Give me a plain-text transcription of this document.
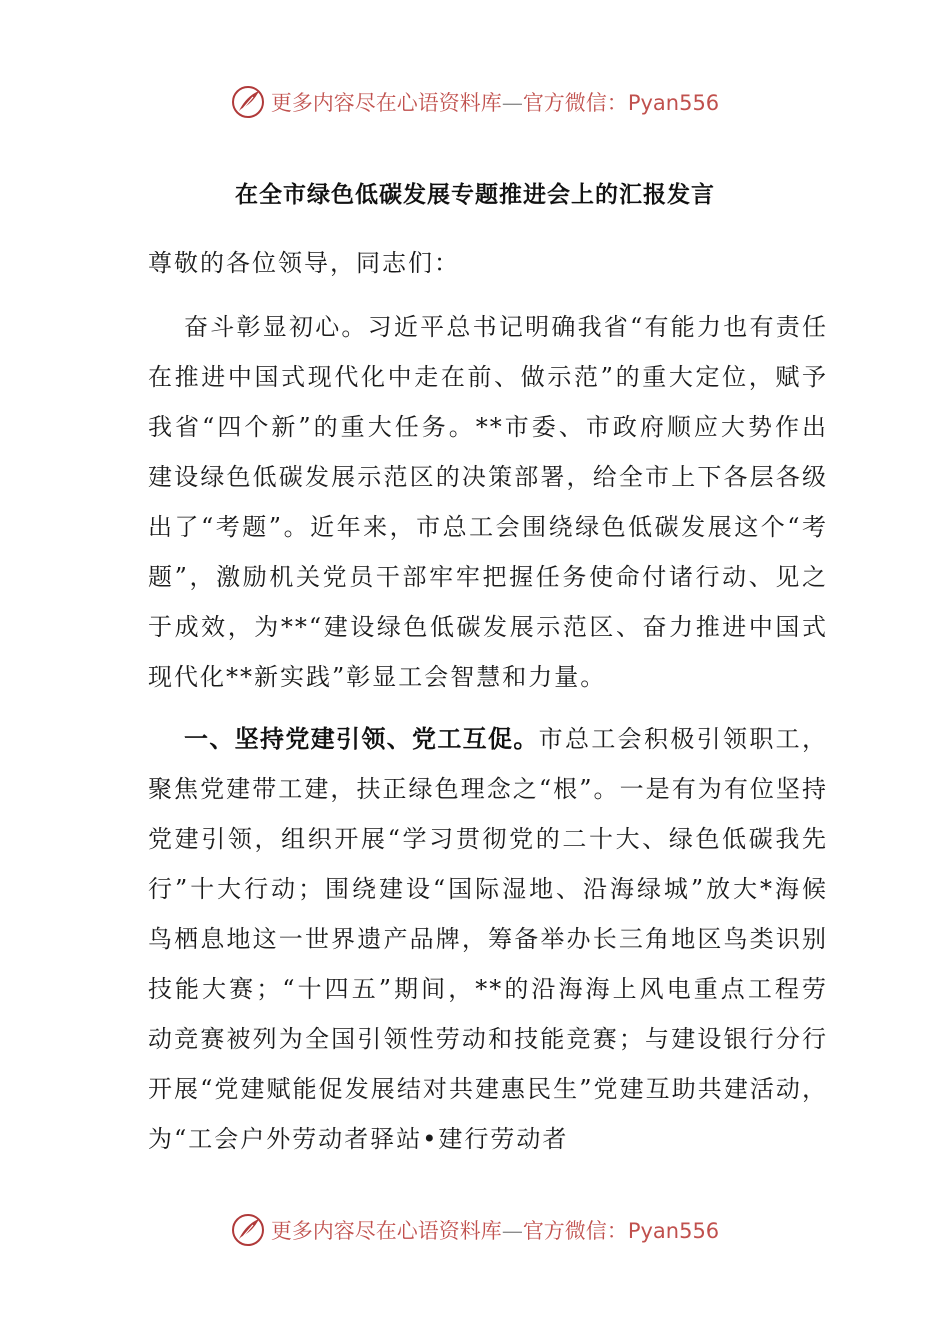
更多内容尽在心语资料库—官方微信：Pyan556
在全市绿色低碳发展专题推进会上的汇报发言

尊敬的各位领导，同志们：

奋斗彰显初心。习近平总书记明确我省“有能力也有责任在推进中国式现代化中走在前、做示范”的重大定位，赋予我省“四个新”的重大任务。**市委、市政府顺应大势作出建设绿色低碳发展示范区的决策部署，给全市上下各层各级出了“考题”。近年来，市总工会围绕绿色低碳发展这个“考题”，激励机关党员干部牢牢把握任务使命付诸行动、见之于成效，为**“建设绿色低碳发展示范区、奋力推进中国式现代化**新实践”彰显工会智慧和力量。

一、坚持党建引领、党工互促。市总工会积极引领职工，聚焦党建带工建，扶正绿色理念之“根”。一是有为有位坚持党建引领，组织开展“学习贯彻党的二十大、绿色低碳我先行”十大行动；围绕建设“国际湿地、沿海绿城”放大*海候鸟栖息地这一世界遗产品牌，筹备举办长三角地区鸟类识别技能大赛；“十四五”期间，**的沿海海上风电重点工程劳动竞赛被列为全国引领性劳动和技能竞赛；与建设银行分行开展“党建赋能促发展结对共建惠民生”党建互助共建活动，为“工会户外劳动者驿站•建行劳动者

更多内容尽在心语资料库—官方微信：Pyan556
